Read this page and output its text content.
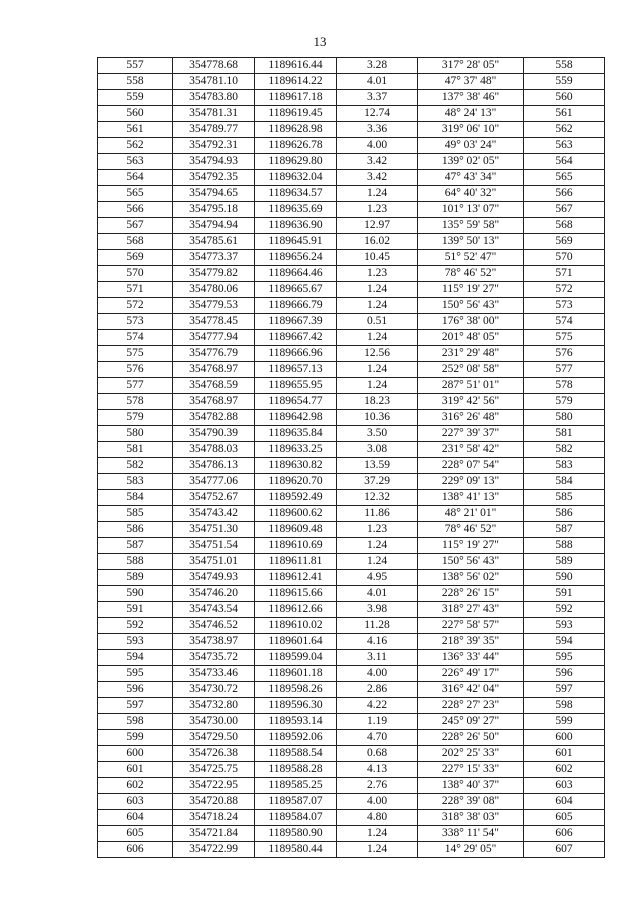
13
557	354778.68	1189616.44	3.28	317° 28' 05"	558
558	354781.10	1189614.22	4.01	47° 37' 48"	559
559	354783.80	1189617.18	3.37	137° 38' 46"	560
560	354781.31	1189619.45	12.74	48° 24' 13"	561
561	354789.77	1189628.98	3.36	319° 06' 10"	562
562	354792.31	1189626.78	4.00	49° 03' 24"	563
563	354794.93	1189629.80	3.42	139° 02' 05"	564
564	354792.35	1189632.04	3.42	47° 43' 34"	565
565	354794.65	1189634.57	1.24	64° 40' 32"	566
566	354795.18	1189635.69	1.23	101° 13' 07"	567
567	354794.94	1189636.90	12.97	135° 59' 58"	568
568	354785.61	1189645.91	16.02	139° 50' 13"	569
569	354773.37	1189656.24	10.45	51° 52' 47"	570
570	354779.82	1189664.46	1.23	78° 46' 52"	571
571	354780.06	1189665.67	1.24	115° 19' 27"	572
572	354779.53	1189666.79	1.24	150° 56' 43"	573
573	354778.45	1189667.39	0.51	176° 38' 00"	574
574	354777.94	1189667.42	1.24	201° 48' 05"	575
575	354776.79	1189666.96	12.56	231° 29' 48"	576
576	354768.97	1189657.13	1.24	252° 08' 58"	577
577	354768.59	1189655.95	1.24	287° 51' 01"	578
578	354768.97	1189654.77	18.23	319° 42' 56"	579
579	354782.88	1189642.98	10.36	316° 26' 48"	580
580	354790.39	1189635.84	3.50	227° 39' 37"	581
581	354788.03	1189633.25	3.08	231° 58' 42"	582
582	354786.13	1189630.82	13.59	228° 07' 54"	583
583	354777.06	1189620.70	37.29	229° 09' 13"	584
584	354752.67	1189592.49	12.32	138° 41' 13"	585
585	354743.42	1189600.62	11.86	48° 21' 01"	586
586	354751.30	1189609.48	1.23	78° 46' 52"	587
587	354751.54	1189610.69	1.24	115° 19' 27"	588
588	354751.01	1189611.81	1.24	150° 56' 43"	589
589	354749.93	1189612.41	4.95	138° 56' 02"	590
590	354746.20	1189615.66	4.01	228° 26' 15"	591
591	354743.54	1189612.66	3.98	318° 27' 43"	592
592	354746.52	1189610.02	11.28	227° 58' 57"	593
593	354738.97	1189601.64	4.16	218° 39' 35"	594
594	354735.72	1189599.04	3.11	136° 33' 44"	595
595	354733.46	1189601.18	4.00	226° 49' 17"	596
596	354730.72	1189598.26	2.86	316° 42' 04"	597
597	354732.80	1189596.30	4.22	228° 27' 23"	598
598	354730.00	1189593.14	1.19	245° 09' 27"	599
599	354729.50	1189592.06	4.70	228° 26' 50"	600
600	354726.38	1189588.54	0.68	202° 25' 33"	601
601	354725.75	1189588.28	4.13	227° 15' 33"	602
602	354722.95	1189585.25	2.76	138° 40' 37"	603
603	354720.88	1189587.07	4.00	228° 39' 08"	604
604	354718.24	1189584.07	4.80	318° 38' 03"	605
605	354721.84	1189580.90	1.24	338° 11' 54"	606
606	354722.99	1189580.44	1.24	14° 29' 05"	607
